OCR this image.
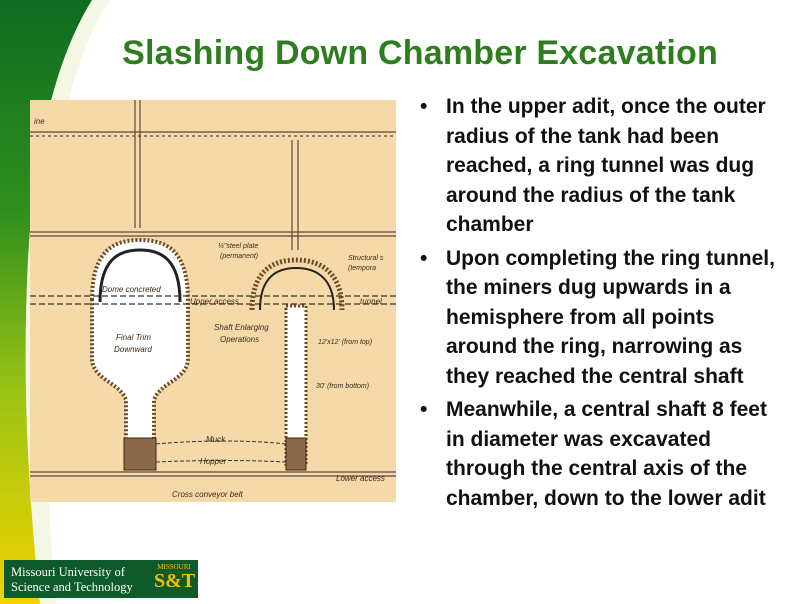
Slashing Down Chamber Excavation
ine
Dome concreted
Final Trim
Downward
Upper access	tunnel
¼"steel plate
(permanent)	Structural s
(tempora
Shaft Enlarging
Operations	12'x12' (from top)
30' (from bottom)
Muck
Hopper
Lower access
Cross conveyor belt
• In the upper adit, once the outer radius of the tank had been reached, a ring tunnel was dug around the radius of the tank chamber
• Upon completing the ring tunnel, the miners dug upwards in a hemisphere from all points around the ring, narrowing as they reached the central shaft
• Meanwhile, a central shaft 8 feet in diameter was excavated through the central axis of the chamber, down to the lower adit
Missouri University of
Science and Technology
MISSOURI
S&T
